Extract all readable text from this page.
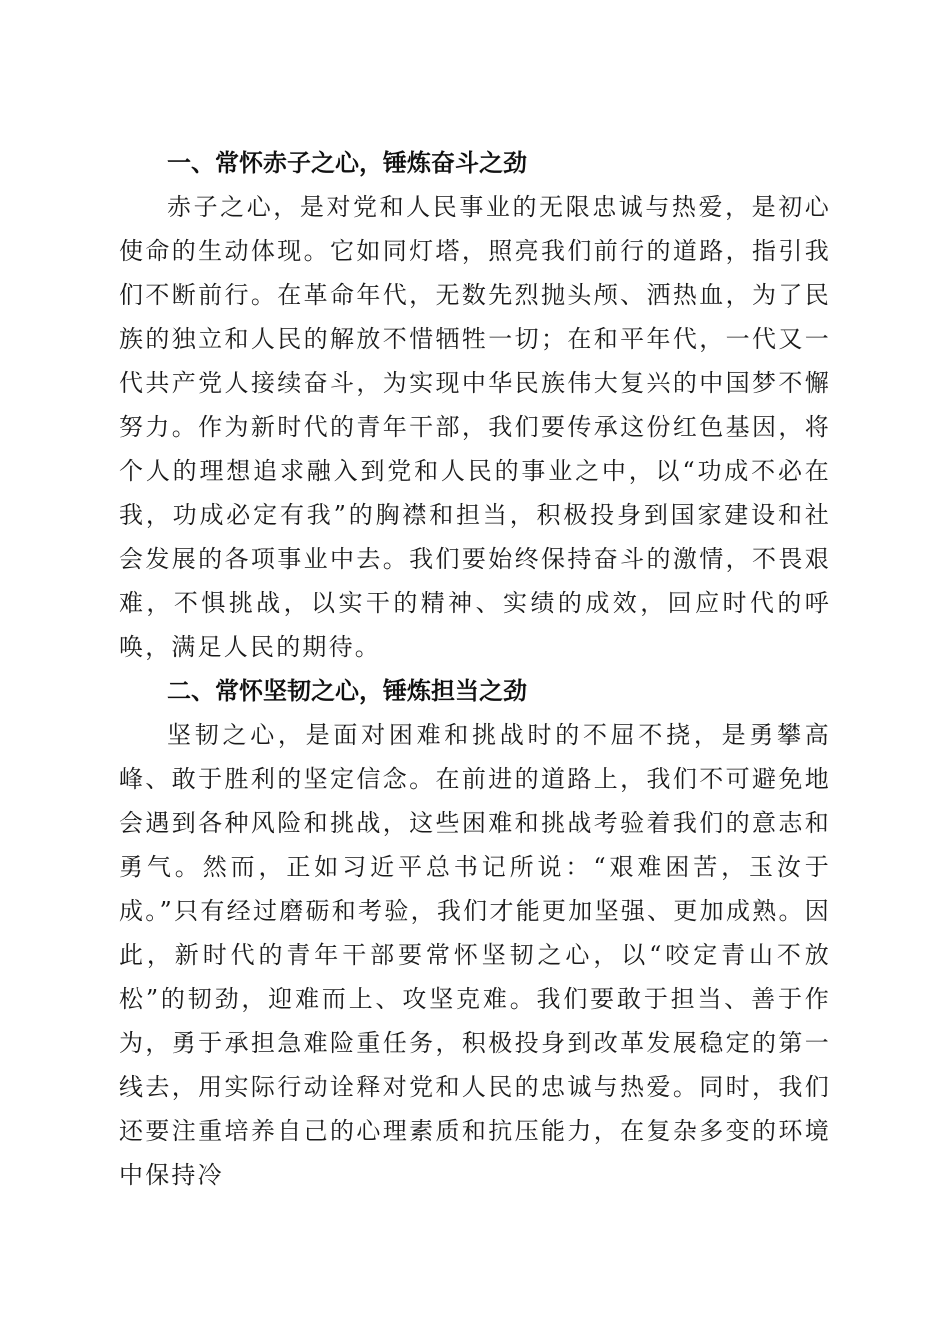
一、常怀赤子之心，锤炼奋斗之劲

赤子之心，是对党和人民事业的无限忠诚与热爱，是初心使命的生动体现。它如同灯塔，照亮我们前行的道路，指引我们不断前行。在革命年代，无数先烈抛头颅、洒热血，为了民族的独立和人民的解放不惜牺牲一切；在和平年代，一代又一代共产党人接续奋斗，为实现中华民族伟大复兴的中国梦不懈努力。作为新时代的青年干部，我们要传承这份红色基因，将个人的理想追求融入到党和人民的事业之中，以“功成不必在我，功成必定有我”的胸襟和担当，积极投身到国家建设和社会发展的各项事业中去。我们要始终保持奋斗的激情，不畏艰难，不惧挑战，以实干的精神、实绩的成效，回应时代的呼唤，满足人民的期待。

二、常怀坚韧之心，锤炼担当之劲

坚韧之心，是面对困难和挑战时的不屈不挠，是勇攀高峰、敢于胜利的坚定信念。在前进的道路上，我们不可避免地会遇到各种风险和挑战，这些困难和挑战考验着我们的意志和勇气。然而，正如习近平总书记所说：“艰难困苦，玉汝于成。”只有经过磨砺和考验，我们才能更加坚强、更加成熟。因此，新时代的青年干部要常怀坚韧之心，以“咬定青山不放松”的韧劲，迎难而上、攻坚克难。我们要敢于担当、善于作为，勇于承担急难险重任务，积极投身到改革发展稳定的第一线去，用实际行动诠释对党和人民的忠诚与热爱。同时，我们还要注重培养自己的心理素质和抗压能力，在复杂多变的环境中保持冷
